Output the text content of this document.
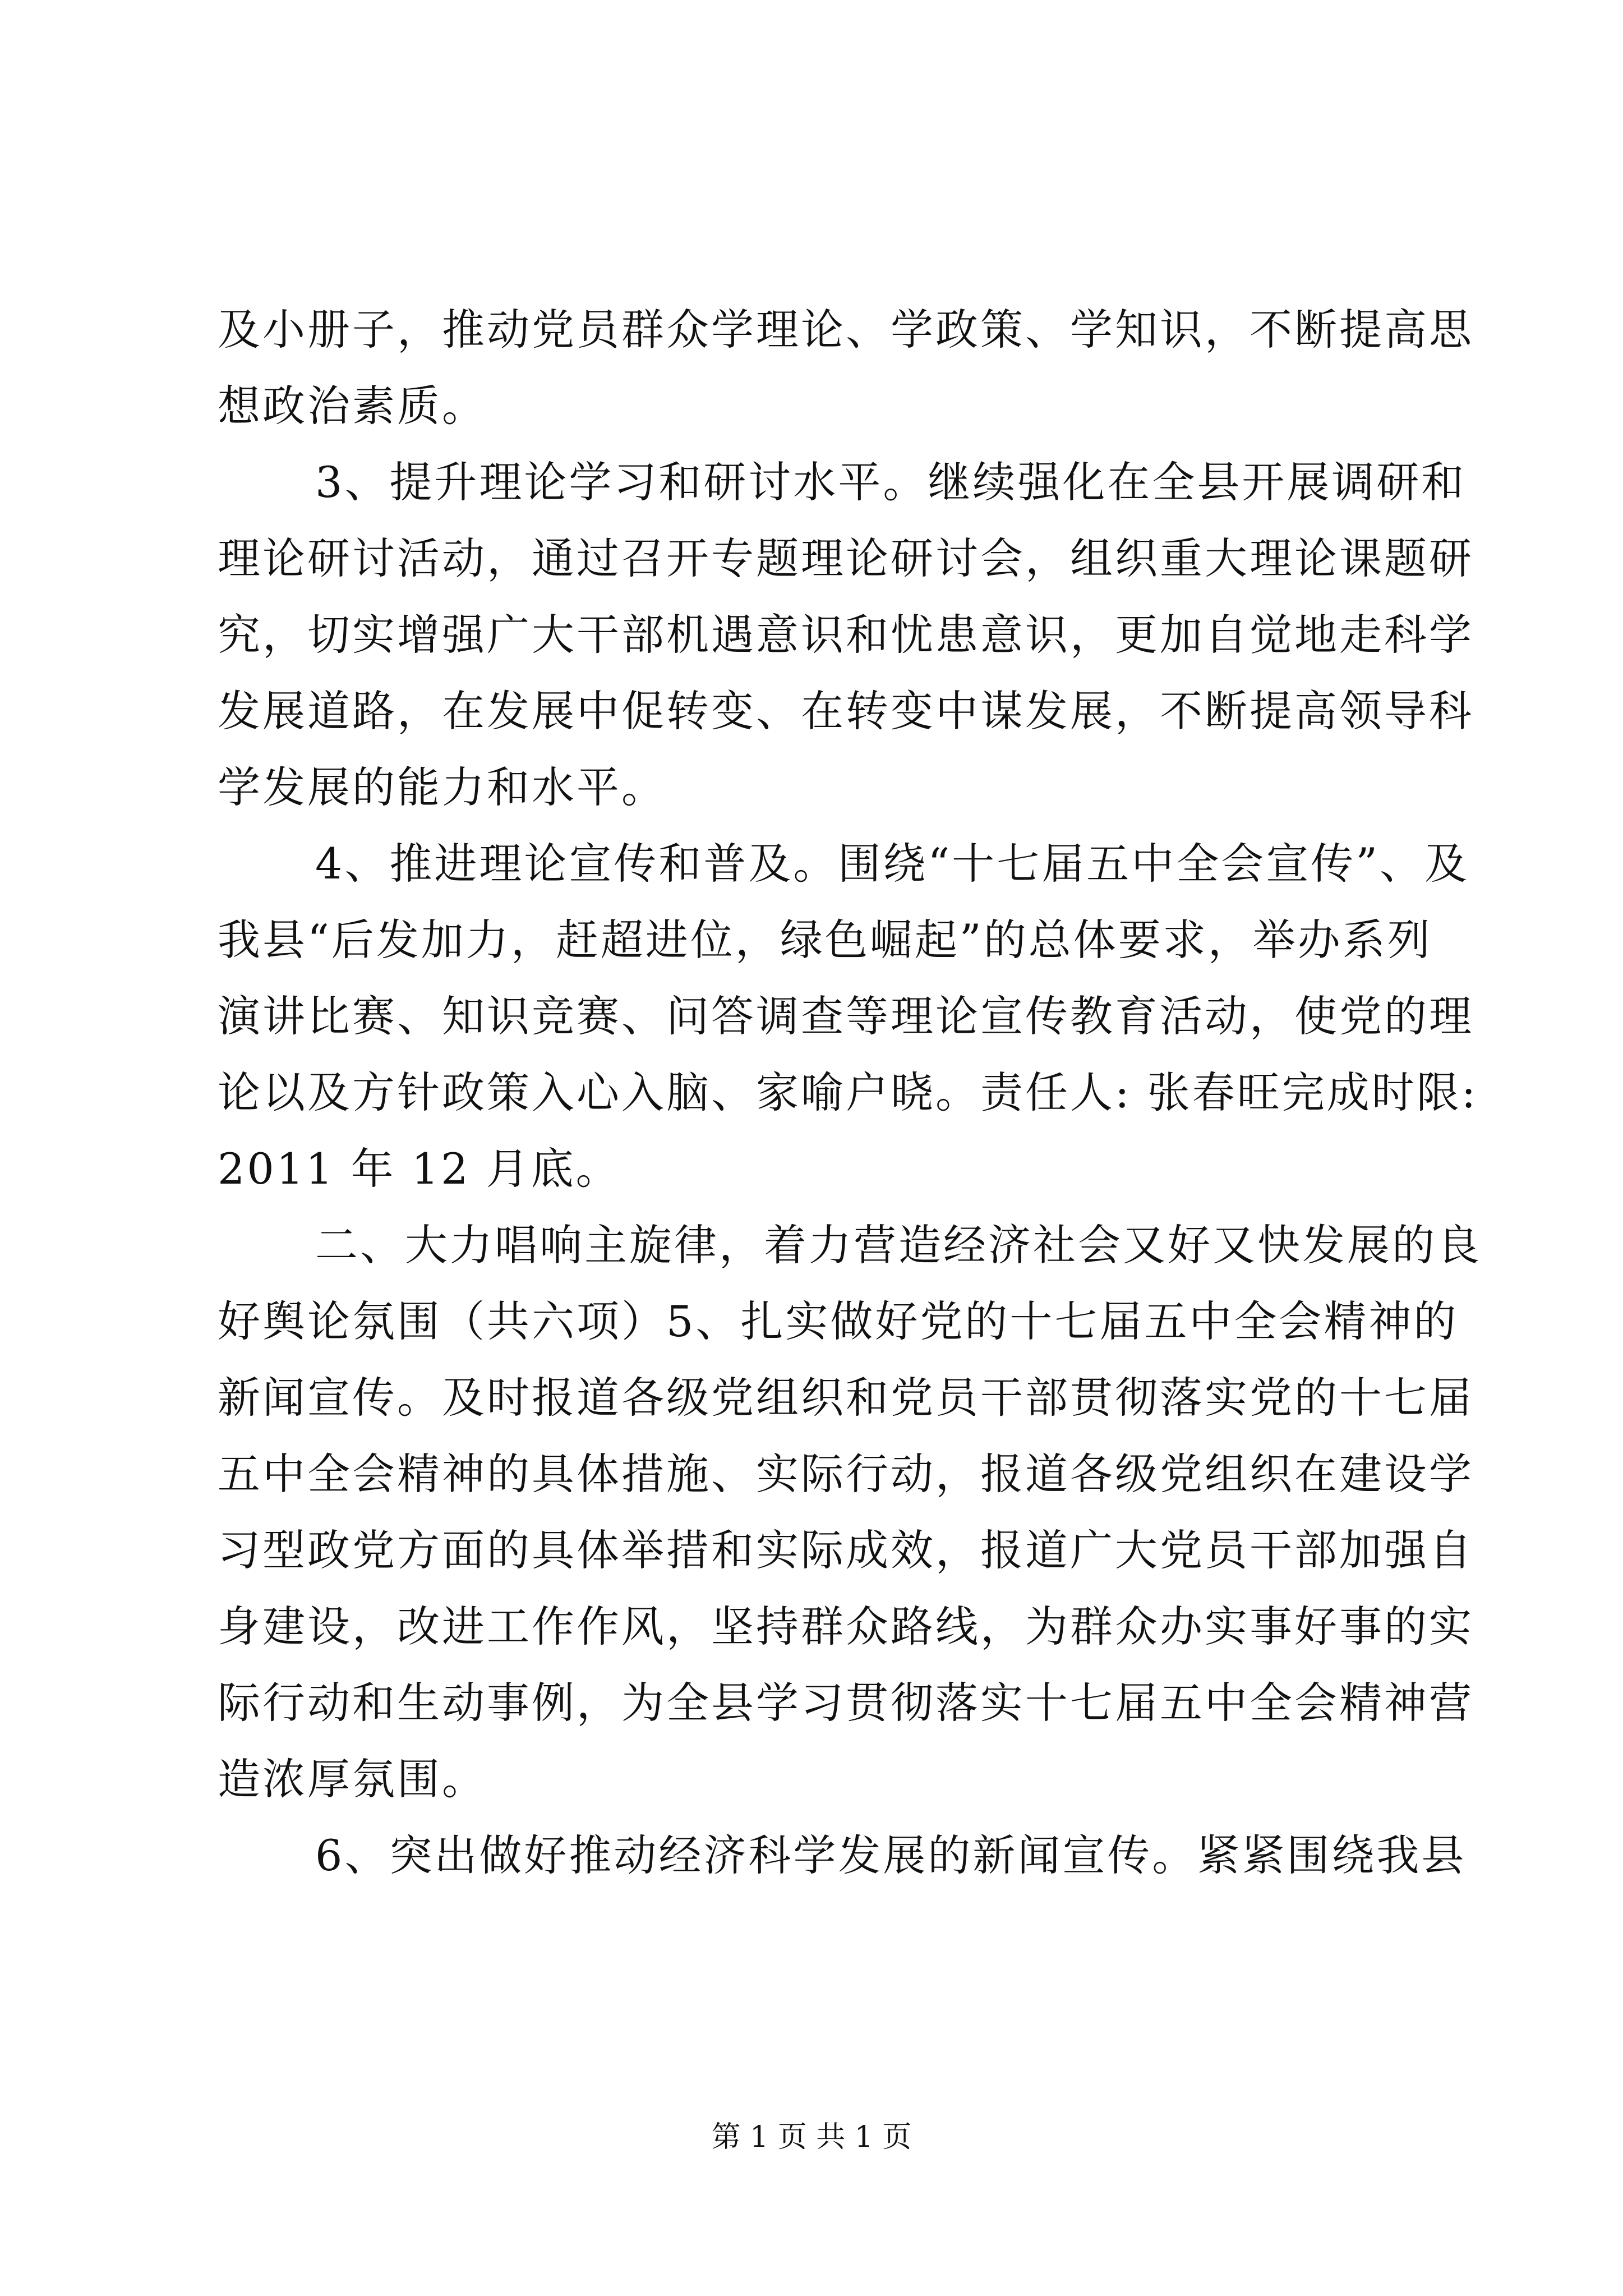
及小册子，推动党员群众学理论、学政策、学知识，不断提高思
想政治素质。
3、提升理论学习和研讨水平。继续强化在全县开展调研和
理论研讨活动，通过召开专题理论研讨会，组织重大理论课题研
究，切实增强广大干部机遇意识和忧患意识，更加自觉地走科学
发展道路，在发展中促转变、在转变中谋发展，不断提高领导科
学发展的能力和水平。
4、推进理论宣传和普及。围绕“十七届五中全会宣传”、及
我县“后发加力，赶超进位，绿色崛起”的总体要求，举办系列
演讲比赛、知识竞赛、问答调查等理论宣传教育活动，使党的理
论以及方针政策入心入脑、家喻户晓。责任人: 张春旺完成时限:
2011 年 12 月底。
二、大力唱响主旋律，着力营造经济社会又好又快发展的良
好舆论氛围（共六项）5、扎实做好党的十七届五中全会精神的
新闻宣传。及时报道各级党组织和党员干部贯彻落实党的十七届
五中全会精神的具体措施、实际行动，报道各级党组织在建设学
习型政党方面的具体举措和实际成效，报道广大党员干部加强自
身建设，改进工作作风，坚持群众路线，为群众办实事好事的实
际行动和生动事例，为全县学习贯彻落实十七届五中全会精神营
造浓厚氛围。
6、突出做好推动经济科学发展的新闻宣传。紧紧围绕我县
第 1 页 共 1 页
